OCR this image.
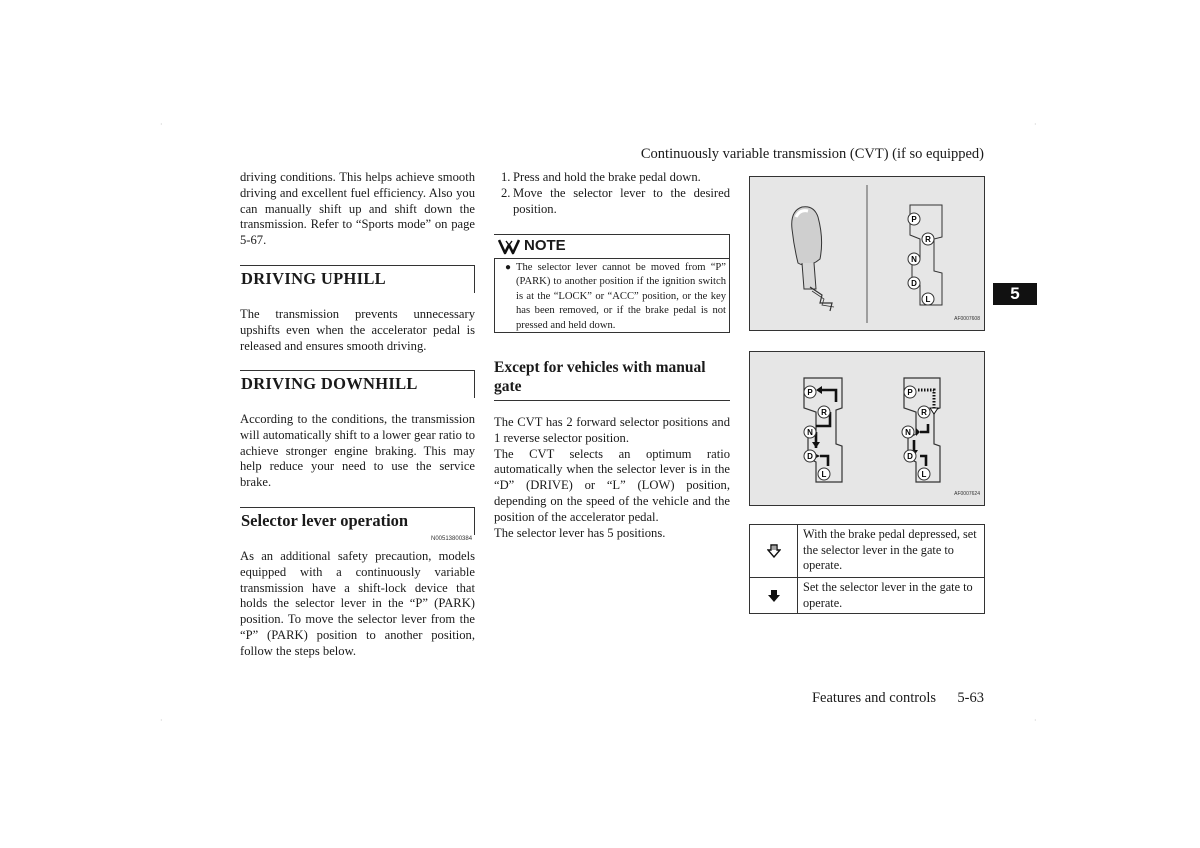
·	·
·	·
Continuously variable transmission (CVT) (if so equipped)
driving conditions. This helps achieve smooth driving and excellent fuel efficiency. Also you can manually shift up and shift down the transmission. Refer to “Sports mode” on page 5-67.
DRIVING UPHILL
The transmission prevents unnecessary upshifts even when the accelerator pedal is released and ensures smooth driving.
DRIVING DOWNHILL
According to the conditions, the transmission will automatically shift to a lower gear ratio to achieve stronger engine braking. This may help reduce your need to use the service brake.
Selector lever operation
N00513800384
As an additional safety precaution, models equipped with a continuously variable transmission have a shift-lock device that holds the selector lever in the “P” (PARK) position. To move the selector lever from the “P” (PARK) position to another position, follow the steps below.
1. Press and hold the brake pedal down.
2. Move the selector lever to the desired position.
NOTE
● The selector lever cannot be moved from “P” (PARK) to another position if the ignition switch is at the “LOCK” or “ACC” position, or the key has been removed, or if the brake pedal is not pressed and held down.
Except for vehicles with manual gate
The CVT has 2 forward selector positions and 1 reverse selector position.
The CVT selects an optimum ratio automatically when the selector lever is in the “D” (DRIVE) or “L” (LOW) position, depending on the speed of the vehicle and the position of the accelerator pedal.
The selector lever has 5 positions.
P
R
N
D
L
AF0007608
P
R
N
D
L
P
R
N
D
L
AF0007624
With the brake pedal depressed, set the selector lever in the gate to operate.
Set the selector lever in the gate to operate.
5
Features and controls	5-63
